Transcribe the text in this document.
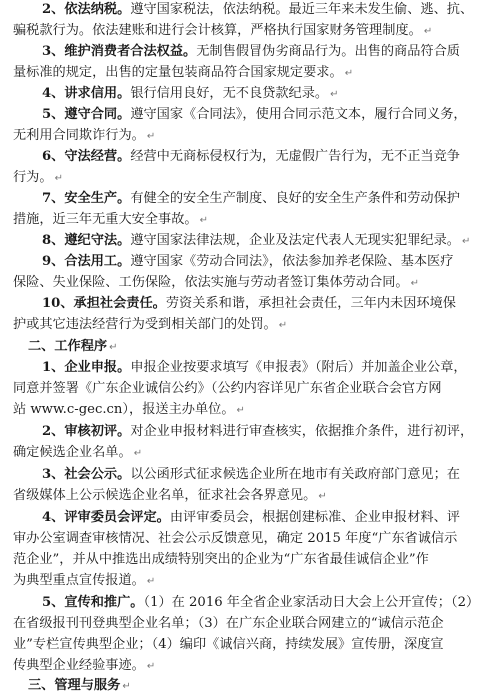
2、依法纳税。遵守国家税法，依法纳税。最近三年来未发生偷、逃、抗、
骗税款行为。依法建账和进行会计核算，严格执行国家财务管理制度。 ↵
3、维护消费者合法权益。无制售假冒伪劣商品行为。出售的商品符合质
量标准的规定，出售的定量包装商品符合国家规定要求。 ↵
4、讲求信用。银行信用良好，无不良贷款纪录。 ↵
5、遵守合同。遵守国家《合同法》，使用合同示范文本，履行合同义务，
无利用合同欺诈行为。 ↵
6、守法经营。经营中无商标侵权行为，无虚假广告行为，无不正当竞争
行为。 ↵
7、安全生产。有健全的安全生产制度、良好的安全生产条件和劳动保护
措施，近三年无重大安全事故。 ↵
8、遵纪守法。遵守国家法律法规，企业及法定代表人无现实犯罪纪录。 ↵
9、合法用工。遵守国家《劳动合同法》，依法参加养老保险、基本医疗
保险、失业保险、工伤保险，依法实施与劳动者签订集体劳动合同。 ↵
10、承担社会责任。劳资关系和谐，承担社会责任，三年内未因环境保
护或其它违法经营行为受到相关部门的处罚。 ↵
二、工作程序 ↵
1、企业申报。申报企业按要求填写《申报表》（附后）并加盖企业公章，
同意并签署《广东企业诚信公约》（公约内容详见广东省企业联合会官方网
站 www.c-gec.cn），报送主办单位。 ↵
2、审核初评。对企业申报材料进行审查核实，依据推介条件，进行初评，
确定候选企业名单。 ↵
3、社会公示。以公函形式征求候选企业所在地市有关政府部门意见；在
省级媒体上公示候选企业名单，征求社会各界意见。 ↵
4、评审委员会评定。由评审委员会，根据创建标准、企业申报材料、评
审办公室调查审核情况、社会公示反馈意见，确定 2015 年度“广东省诚信示
范企业”，并从中推选出成绩特别突出的企业为“广东省最佳诚信企业”作
为典型重点宣传报道。 ↵
5、宣传和推广。（1）在 2016 年全省企业家活动日大会上公开宣传；（2）
在省级报刊刊登典型企业名单；（3）在广东企业联合网建立的“诚信示范企
业”专栏宣传典型企业；（4）编印《诚信兴商，持续发展》宣传册，深度宣
传典型企业经验事迹。 ↵
三、管理与服务 ↵
